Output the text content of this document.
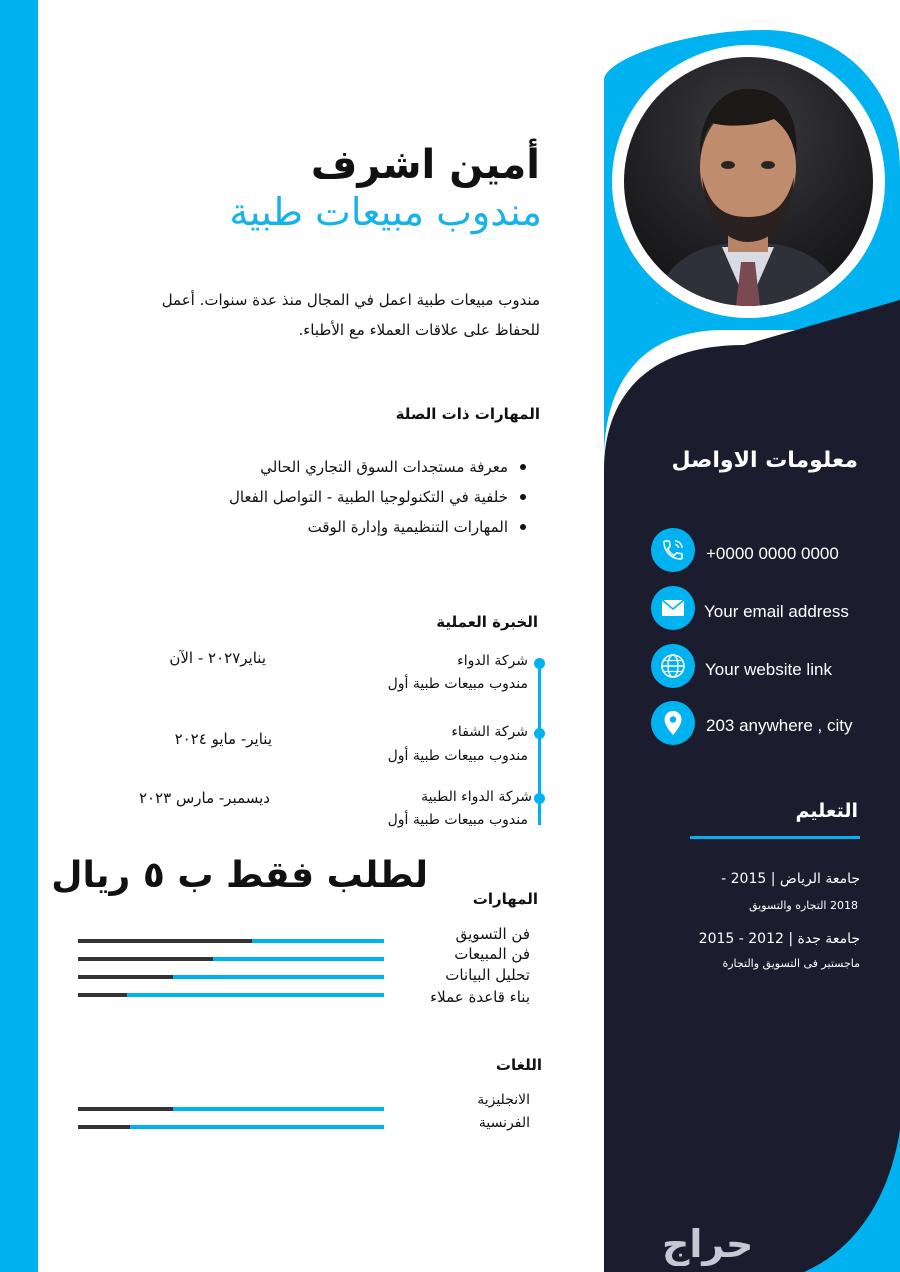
أمين اشرف
مندوب مبيعات طبية
مندوب مبيعات طبية اعمل في المجال منذ عدة سنوات. أعمل للحفاظ على علاقات العملاء مع الأطباء.
المهارات ذات الصلة
معرفة مستجدات السوق التجاري الحالي
خلفية في التكنولوجيا الطبية - التواصل الفعال
المهارات التنظيمية وإدارة الوقت
الخبرة العملية
شركة الدواء
مندوب مبيعات طبية أول
يناير٢٠٢٧ - الآن
شركة الشفاء
مندوب مبيعات طبية أول
يناير- مايو ٢٠٢٤
شركة الدواء الطبية
مندوب مبيعات طبية أول
ديسمبر- مارس ٢٠٢٣
لطلب فقط ب ٥ ريال
المهارات
فن التسويق
فن المبيعات
تحليل البيانات
بناء قاعدة عملاء
اللغات
الانجليزية
الفرنسية
معلومات الاواصل
+0000 0000 0000
Your email address
Your website link
203 anywhere , city
التعليم
جامعة الرياض | 2015 -
2018 التجاره والتسويق
جامعة جدة | 2012 - 2015
ماجستير فى التسويق والتجارة
حراج
